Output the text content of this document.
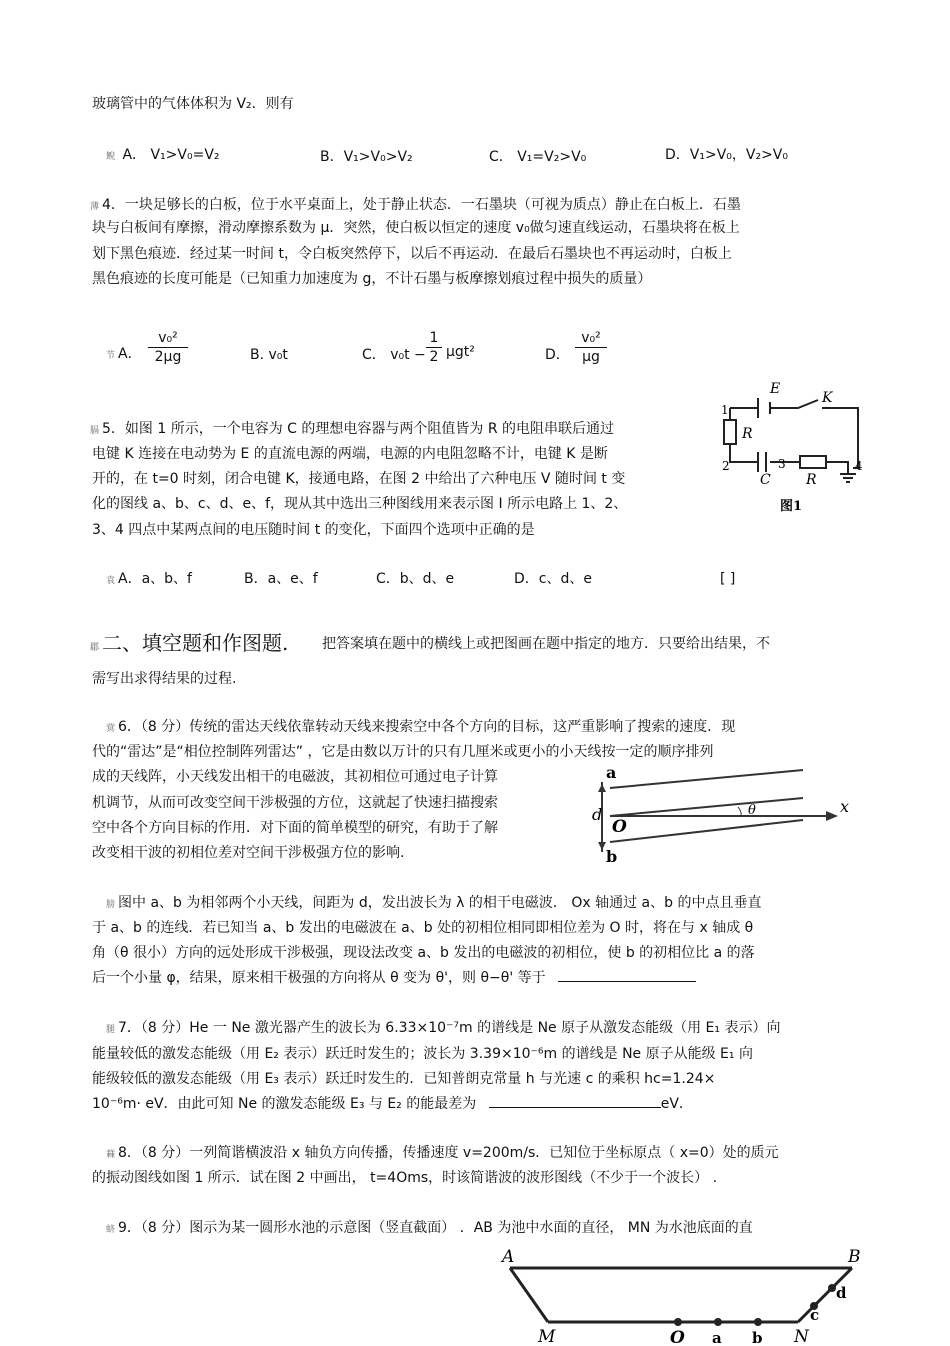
玻璃管中的气体体积为 V₂．则有
鲵 A． V₁>V₀=V₂	B．V₁>V₀>V₂	C． V₁=V₂>V₀	D．V₁>V₀，V₂>V₀
薄 4．一块足够长的白板，位于水平桌面上，处于静止状态．一石墨块（可视为质点）静止在白板上．石墨
块与白板间有摩擦，滑动摩擦系数为 μ．突然，使白板以恒定的速度 v₀做匀速直线运动，石墨块将在板上
划下黑色痕迹．经过某一时间 t，令白板突然停下，以后不再运动．在最后石墨块也不再运动时，白板上
黑色痕迹的长度可能是（已知重力加速度为 g，不计石墨与板摩擦划痕过程中损失的质量）
节 A．
v₀²
2μg	B. v₀t	C． v₀t −
1
2 μgt²	D．
v₀²
μg
膈 5．如图 1 所示，一个电容为 C 的理想电容器与两个阻值皆为 R 的电阻串联后通过
电键 K 连接在电动势为 E 的直流电源的两端，电源的内电阻忽略不计，电键 K 是断
开的，在 t=0 时刻，闭合电键 K，接通电路，在图 2 中给出了六种电压 V 随时间 t 变
化的图线 a、b、c、d、e、f，现从其中选出三种图线用来表示图 I 所示电路上 1、2、
3、4 四点中某两点间的电压随时间 t 的变化，下面四个选项中正确的是
E
K
1
R
2
C
3
R
4
图1
袁 A．a、b、f	B．a、e、f	C．b、d、e	D．c、d、e	[ ]
郿 二、填空题和作图题. 把答案填在题中的横线上或把图画在题中指定的地方．只要给出结果，不
需写出求得结果的过程.
蓂 6．（8 分）传统的雷达天线依靠转动天线来搜索空中各个方向的目标，这严重影响了搜索的速度．现
代的“雷达”是“相位控制阵列雷达” ，它是由数以万计的只有几厘米或更小的小天线按一定的顺序排列
成的天线阵，小天线发出相干的电磁波，其初相位可通过电子计算
机调节，从而可改变空间干涉极强的方位，这就起了快速扫描搜索
空中各个方向目标的作用．对下面的简单模型的研究，有助于了解
改变相干波的初相位差对空间干涉极强方位的影响.
a
d
O
θ	x
b
膀 图中 a、b 为相邻两个小天线，间距为 d，发出波长为 λ 的相干电磁波． Ox 轴通过 a、b 的中点且垂直
于 a、b 的连线．若已知当 a、b 发出的电磁波在 a、b 处的初相位相同即相位差为 O 时，将在与 x 轴成 θ
角（θ 很小）方向的远处形成干涉极强，现设法改变 a、b 发出的电磁波的初相位，使 b 的初相位比 a 的落
后一个小量 φ，结果，原来相干极强的方向将从 θ 变为 θ'，则 θ−θ' 等于
腿 7．（8 分）He 一 Ne 激光器产生的波长为 6.33×10⁻⁷m 的谱线是 Ne 原子从激发态能级（用 E₁ 表示）向
能量较低的激发态能级（用 E₂ 表示）跃迁时发生的；波长为 3.39×10⁻⁶m 的谱线是 Ne 原子从能级 E₁ 向
能级较低的激发态能级（用 E₃ 表示）跃迁时发生的．已知普朗克常量 h 与光速 c 的乘积 hc=1.24×
10⁻⁶m· eV．由此可知 Ne 的激发态能级 E₃ 与 E₂ 的能最差为	eV．
蕀 8．（8 分）一列简谐横波沿 x 轴负方向传播，传播速度 v=200m/s．已知位于坐标原点（ x=0）处的质元
的振动图线如图 1 所示．试在图 2 中画出， t=4Oms，时该简谐波的波形图线（不少于一个波长） .
蛴 9．（8 分）图示为某一圆形水池的示意图（竖直截面） ．AB 为池中水面的直径， MN 为水池底面的直
A	B
d
c
M	O a b N
